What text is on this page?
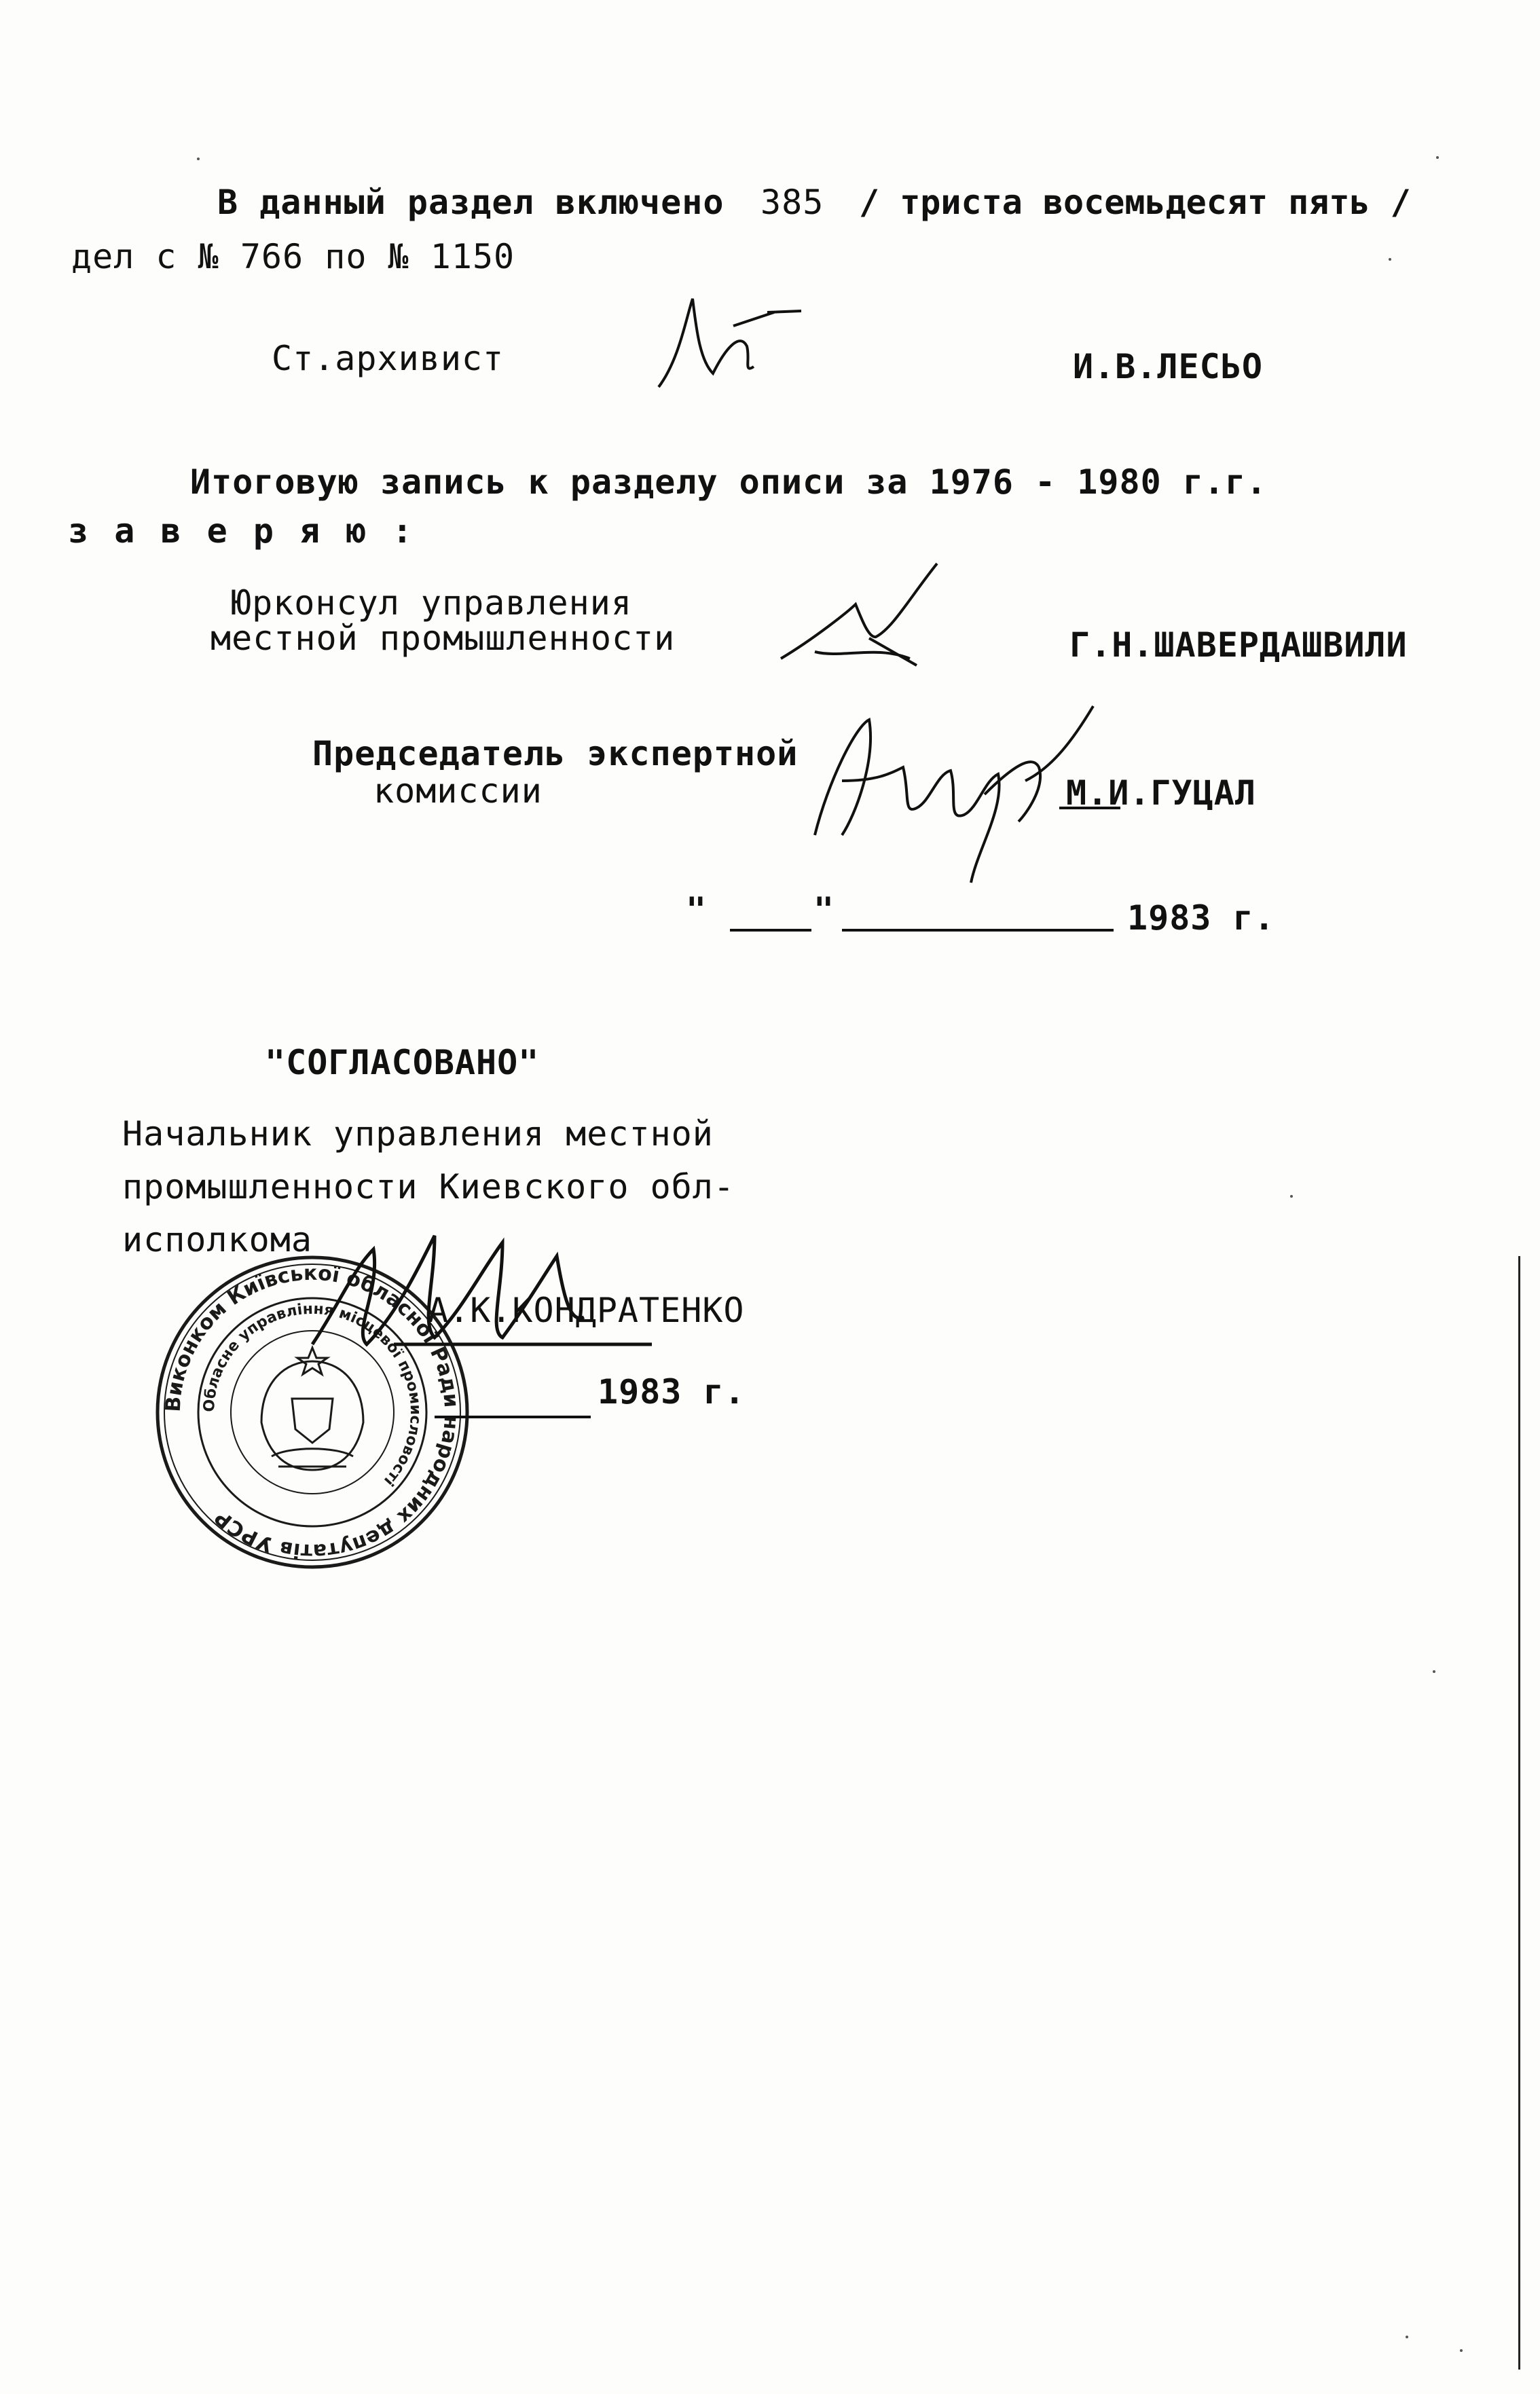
В данный раздел включено 385 / триста восемьдесят пять /
дел с № 766 по № 1150
Ст.архивист	И.В.ЛЕСЬО
Итоговую запись к разделу описи за 1976 - 1980 г.г.
з а в е р я ю :
Юрконсул управления
местной промышленности	Г.Н.ШАВЕРДАШВИЛИ
Председатель экспертной
комиссии	М.И.ГУЦАЛ
"	"	1983 г.
"СОГЛАСОВАНО"
Начальник управления местной
промышленности Киевского обл-
исполкома
Виконком Київської обласної Ради народних депутатів УРСР
Обласне управління місцевої промисловості
А.К.КОНДРАТЕНКО
1983 г.
